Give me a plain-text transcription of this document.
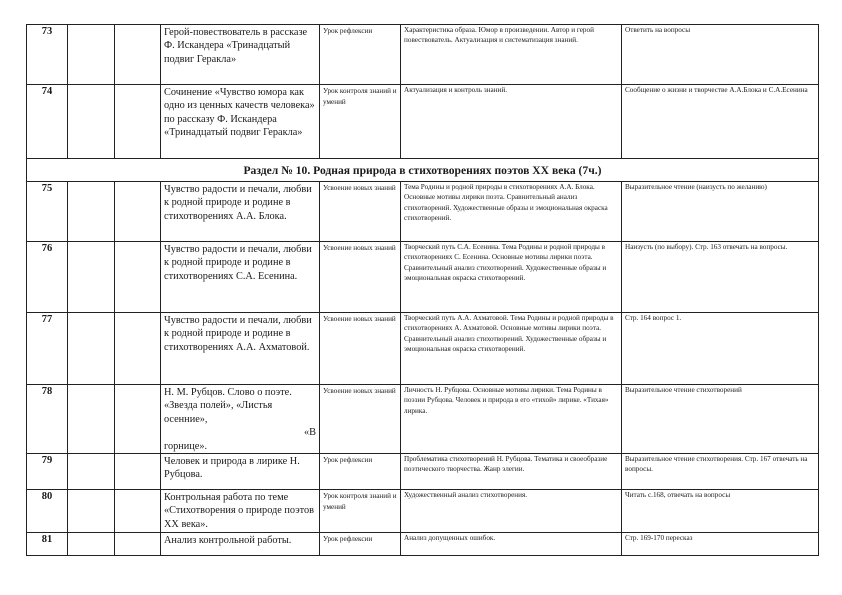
73			Герой-повествователь в рассказе Ф. Искандера «Тринадцатый подвиг Геракла»	Урок рефлексии	Характеристика образа. Юмор в произведении. Автор и герой повествователь. Актуализация и систематизация знаний.	Ответить на вопросы
74			Сочинение «Чувство юмора как одно из ценных качеств человека» по рассказу Ф. Искандера «Тринадцатый подвиг Геракла»	Урок контроля знаний и умений	Актуализация и контроль знаний.	Сообщение о жизни и творчестве А.А.Блока и С.А.Есенина
Раздел № 10. Родная природа в стихотворениях поэтов XX века (7ч.)						
75			Чувство радости и печали, любви к родной природе и родине в стихотворениях А.А. Блока.	Усвоение новых знаний	Тема Родины и родной природы в стихотворениях А.А. Блока. Основные мотивы лирики поэта. Сравнительный анализ стихотворений. Художественные образы и эмоциональная окраска стихотворений.	Выразительное чтение (наизусть по желанию)
76			Чувство радости и печали, любви к родной природе и родине в стихотворениях С.А. Есенина.	Усвоение новых знаний	Творческий путь С.А. Есенина. Тема Родины и родной природы в стихотворениях С. Есенина. Основные мотивы лирики поэта. Сравнительный анализ стихотворений. Художественные образы и эмоциональная окраска стихотворений.	Наизусть (по выбору). Стр. 163 отвечать на вопросы.
77			Чувство радости и печали, любви к родной природе и родине в стихотворениях А.А. Ахматовой.	Усвоение новых знаний	Творческий путь А.А. Ахматовой. Тема Родины и родной природы в стихотворениях А. Ахматовой. Основные мотивы лирики поэта. Сравнительный анализ стихотворений. Художественные образы и эмоциональная окраска стихотворений.	Стр. 164 вопрос 1.
78			Н. М. Рубцов. Слово о поэте.
«Звезда полей», «Листья осенние»,
«В
горнице».	Усвоение новых знаний	Личность Н. Рубцова. Основные мотивы лирики. Тема Родины в поэзии Рубцова. Человек и природа в его «тихой» лирике. «Тихая» лирика.	Выразительное чтение стихотворений
79			Человек и природа в лирике Н. Рубцова.	Урок рефлексии	Проблематика стихотворений Н. Рубцова. Тематика и своеобразие поэтического творчества. Жанр элегии.	Выразительное чтение стихотворения. Стр. 167 отвечать на вопросы.
80			Контрольная работа по теме «Стихотворения о природе поэтов XX века».	Урок контроля знаний и умений	Художественный анализ стихотворения.	Читать с.168, отвечать на вопросы
81			Анализ контрольной работы.	Урок рефлексии	Анализ допущенных ошибок.	Стр. 169-170 пересказ
